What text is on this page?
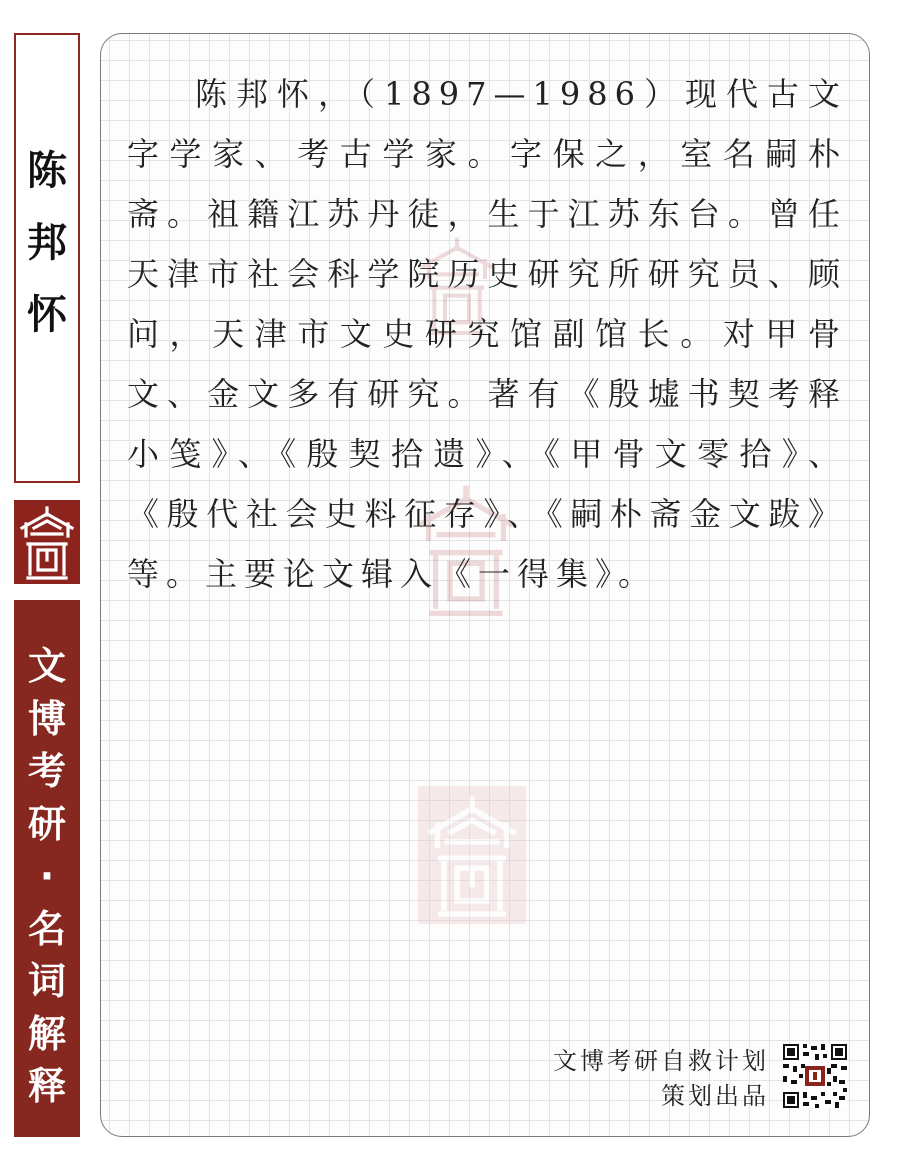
陈
邦
怀
文
博
考
研
·
名
词
解
释
陈邦怀，（1897—1986）现代古文字学家、考古学家。字保之，室名嗣朴斋。祖籍江苏丹徒，生于江苏东台。曾任天津市社会科学院历史研究所研究员、顾问，天津市文史研究馆副馆长。对甲骨文、金文多有研究。著有《殷墟书契考释小笺》、《殷契拾遗》、《甲骨文零拾》、《殷代社会史料征存》、《嗣朴斋金文跋》等。主要论文辑入《一得集》。
文博考研自救计划
策划出品
